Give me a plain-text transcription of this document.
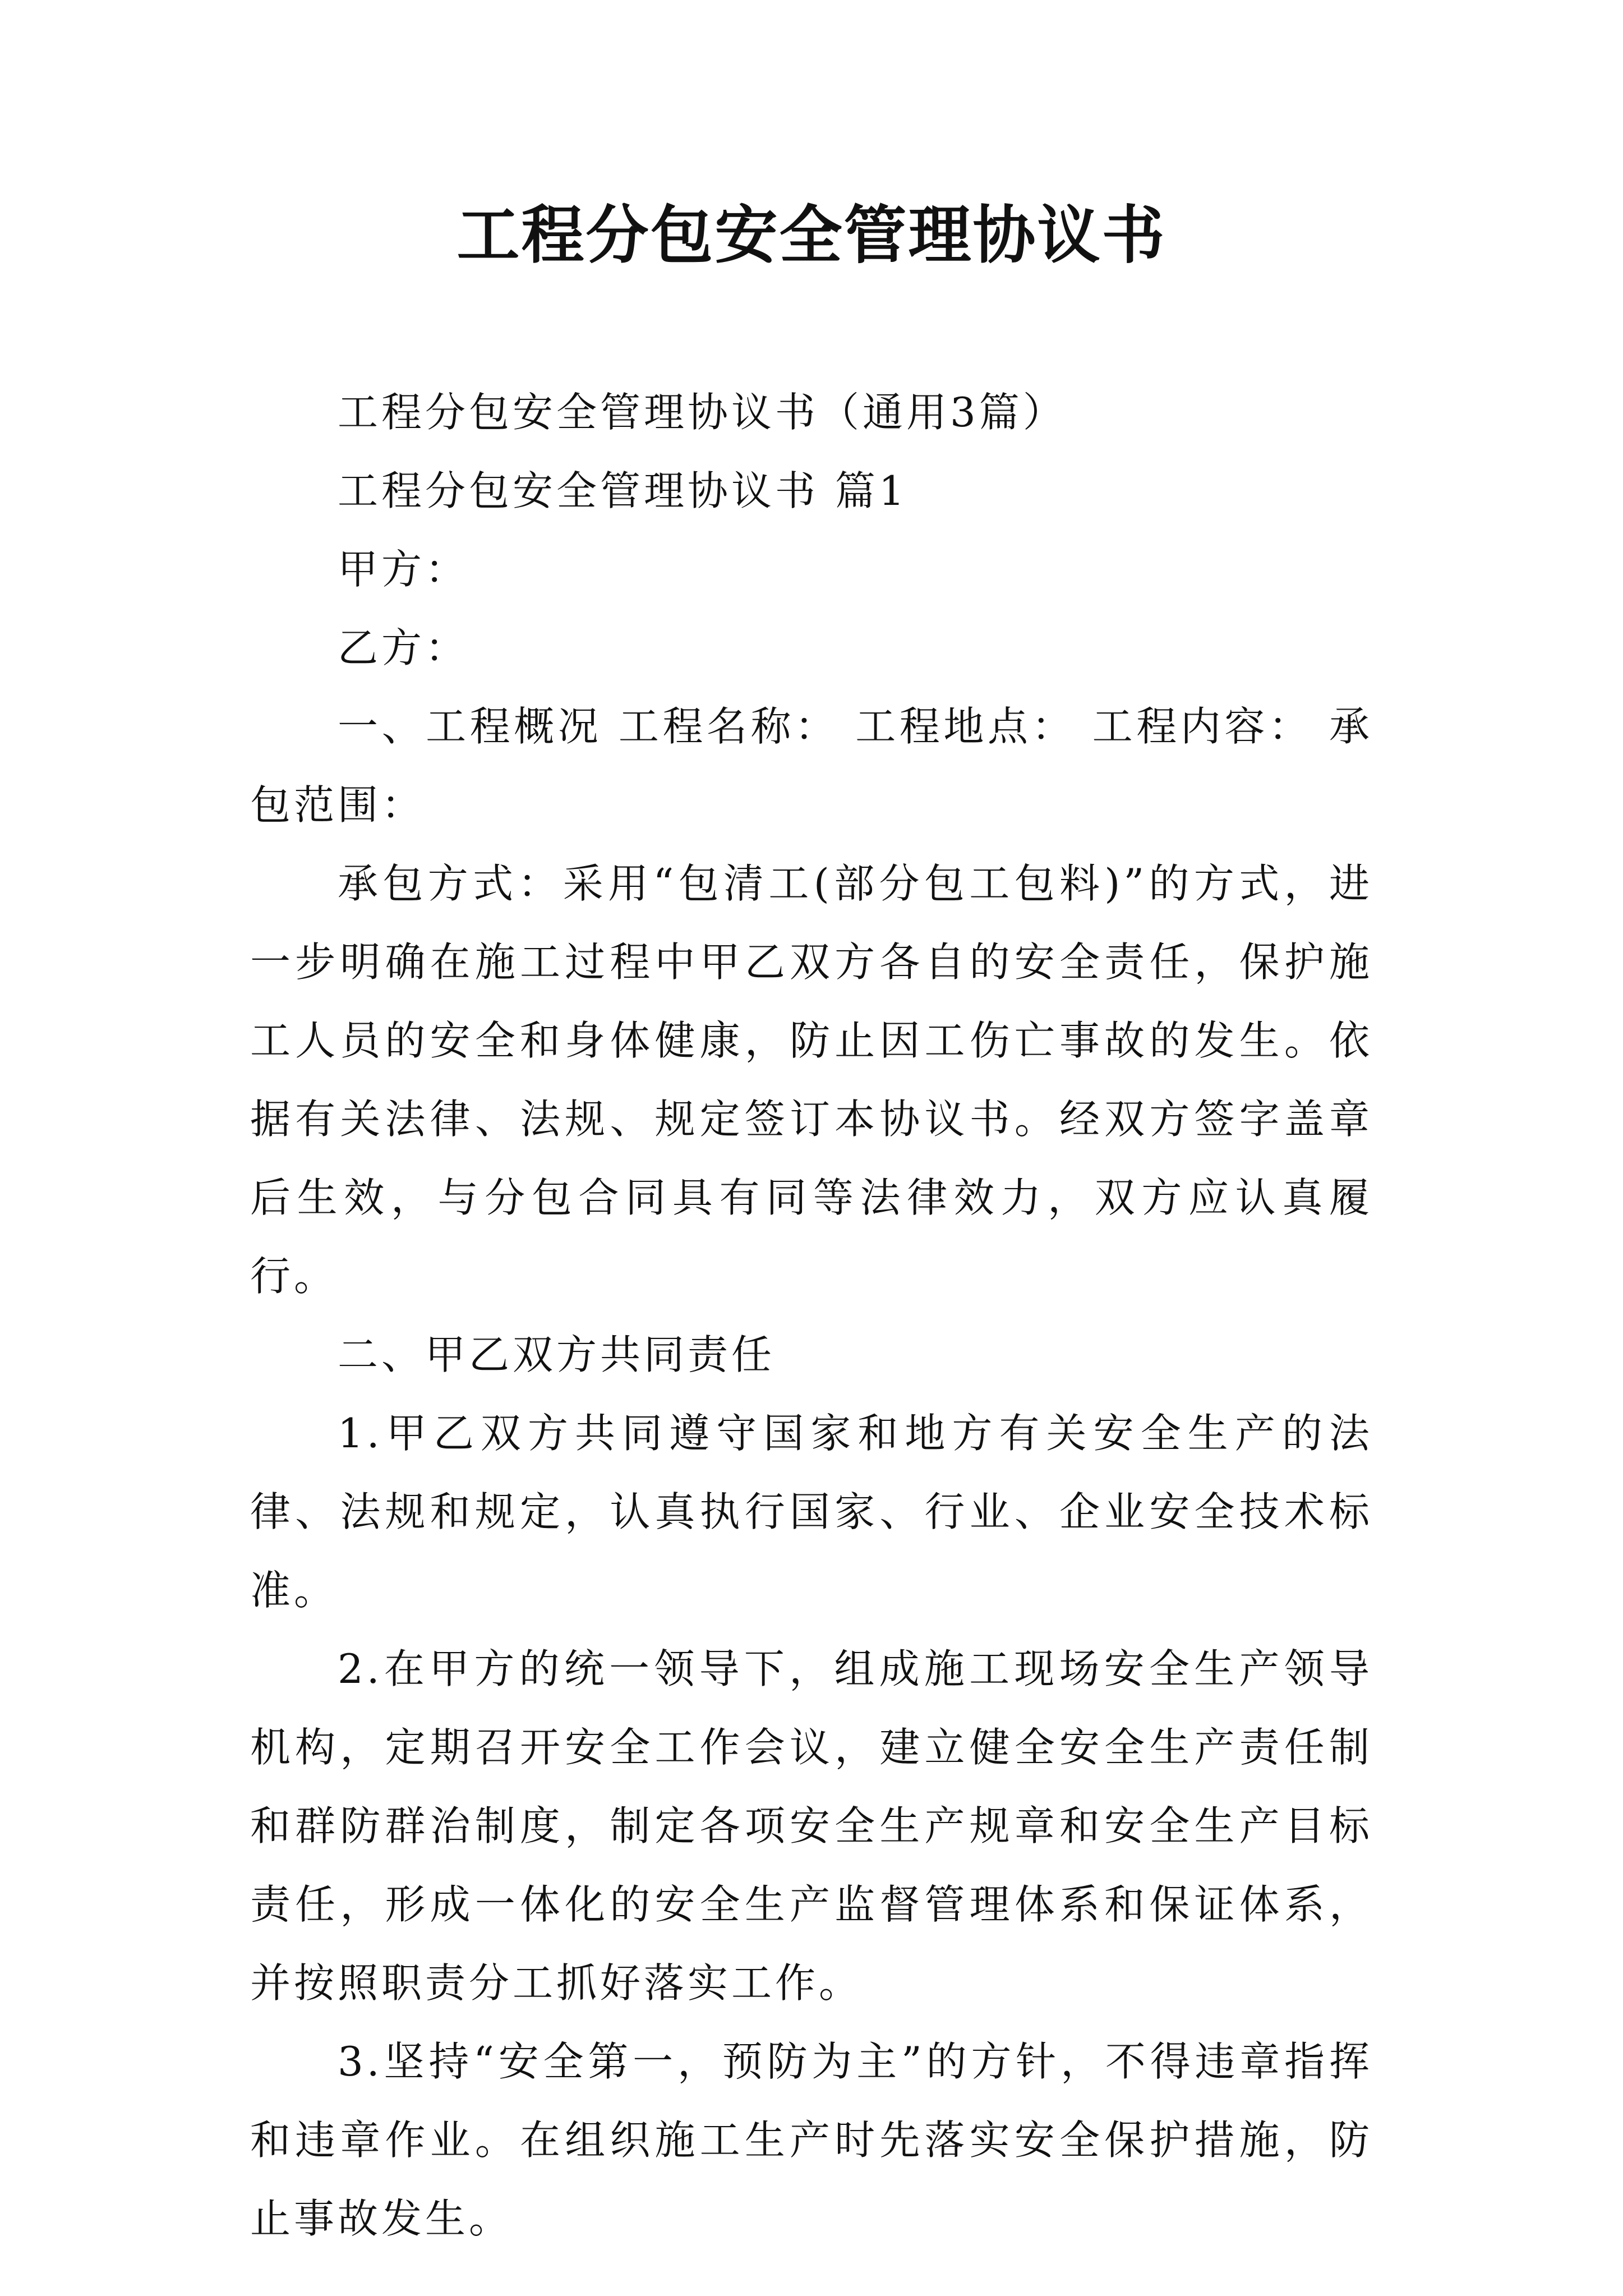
工程分包安全管理协议书

工程分包安全管理协议书（通用3篇）

工程分包安全管理协议书 篇1

甲方：

乙方：

一、工程概况 工程名称： 工程地点： 工程内容： 承包范围：

承包方式：采用“包清工(部分包工包料)”的方式，进一步明确在施工过程中甲乙双方各自的安全责任，保护施工人员的安全和身体健康，防止因工伤亡事故的发生。依据有关法律、法规、规定签订本协议书。经双方签字盖章后生效，与分包合同具有同等法律效力，双方应认真履行。

二、甲乙双方共同责任

1.甲乙双方共同遵守国家和地方有关安全生产的法律、法规和规定，认真执行国家、行业、企业安全技术标准。

2.在甲方的统一领导下，组成施工现场安全生产领导机构，定期召开安全工作会议，建立健全安全生产责任制和群防群治制度，制定各项安全生产规章和安全生产目标责任，形成一体化的安全生产监督管理体系和保证体系，并按照职责分工抓好落实工作。

3.坚持“安全第一，预防为主”的方针，不得违章指挥和违章作业。在组织施工生产时先落实安全保护措施，防止事故发生。
